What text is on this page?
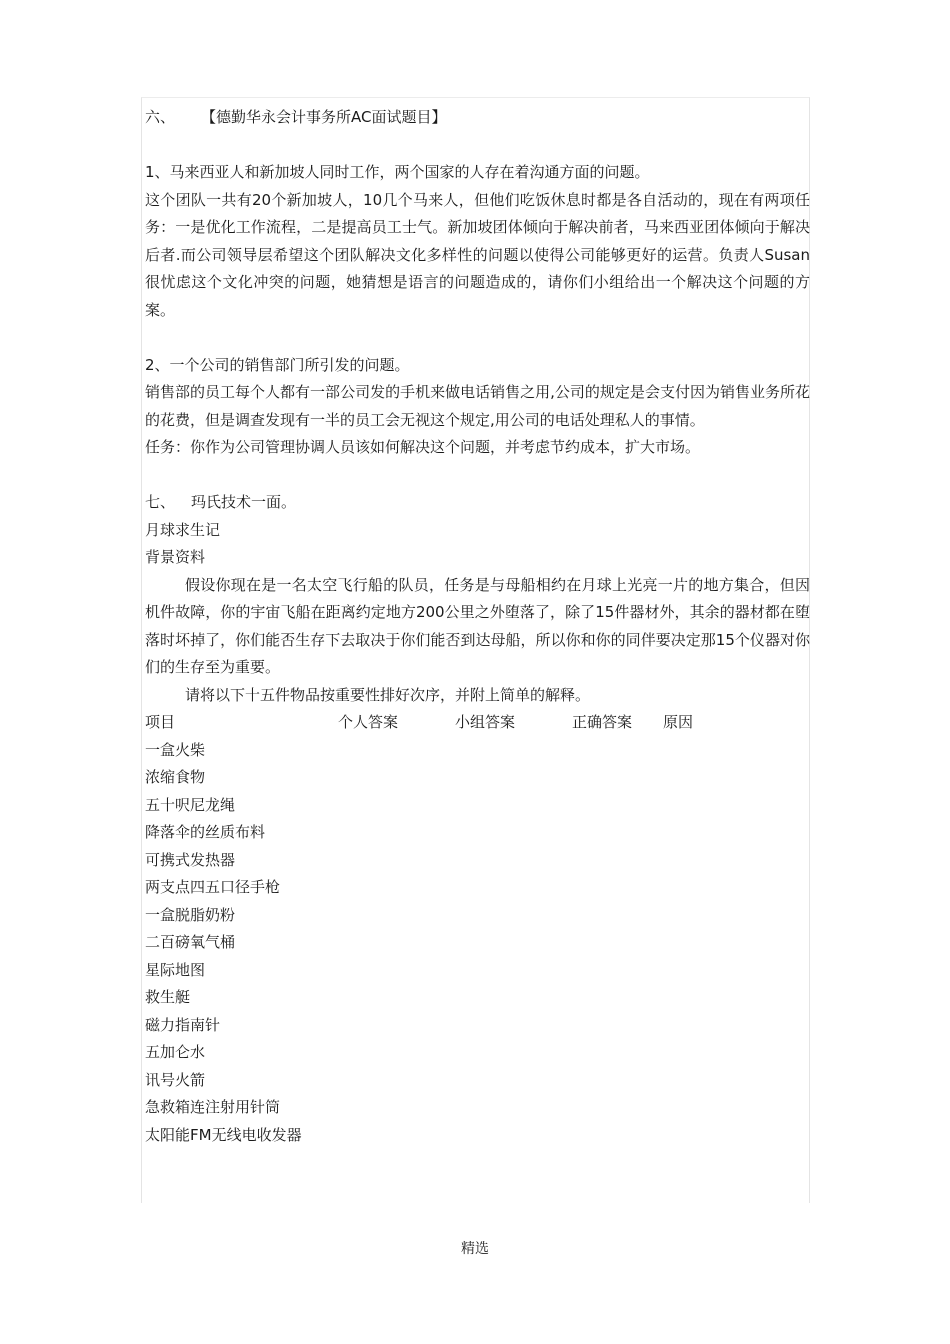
六、 【德勤华永会计事务所AC面试题目】
1、马来西亚人和新加坡人同时工作，两个国家的人存在着沟通方面的问题。
这个团队一共有20个新加坡人，10几个马来人，但他们吃饭休息时都是各自活动的，现在有两项任务：一是优化工作流程，二是提高员工士气。新加坡团体倾向于解决前者，马来西亚团体倾向于解决后者.而公司领导层希望这个团队解决文化多样性的问题以使得公司能够更好的运营。负责人Susan很忧虑这个文化冲突的问题，她猜想是语言的问题造成的，请你们小组给出一个解决这个问题的方案。
2、一个公司的销售部门所引发的问题。
销售部的员工每个人都有一部公司发的手机来做电话销售之用,公司的规定是会支付因为销售业务所花的花费，但是调查发现有一半的员工会无视这个规定,用公司的电话处理私人的事情。
任务：你作为公司管理协调人员该如何解决这个问题，并考虑节约成本，扩大市场。
七、 玛氏技术一面。
月球求生记
背景资料
假设你现在是一名太空飞行船的队员，任务是与母船相约在月球上光亮一片的地方集合，但因机件故障，你的宇宙飞船在距离约定地方200公里之外堕落了，除了15件器材外，其余的器材都在堕落时坏掉了，你们能否生存下去取决于你们能否到达母船，所以你和你的同伴要决定那15个仪器对你们的生存至为重要。
请将以下十五件物品按重要性排好次序，并附上简单的解释。
项目	个人答案	小组答案	正确答案 原因
一盒火柴
浓缩食物
五十呎尼龙绳
降落伞的丝质布料
可携式发热器
两支点四五口径手枪
一盒脱脂奶粉
二百磅氧气桶
星际地图
救生艇
磁力指南针
五加仑水
讯号火箭
急救箱连注射用针筒
太阳能FM无线电收发器
精选
